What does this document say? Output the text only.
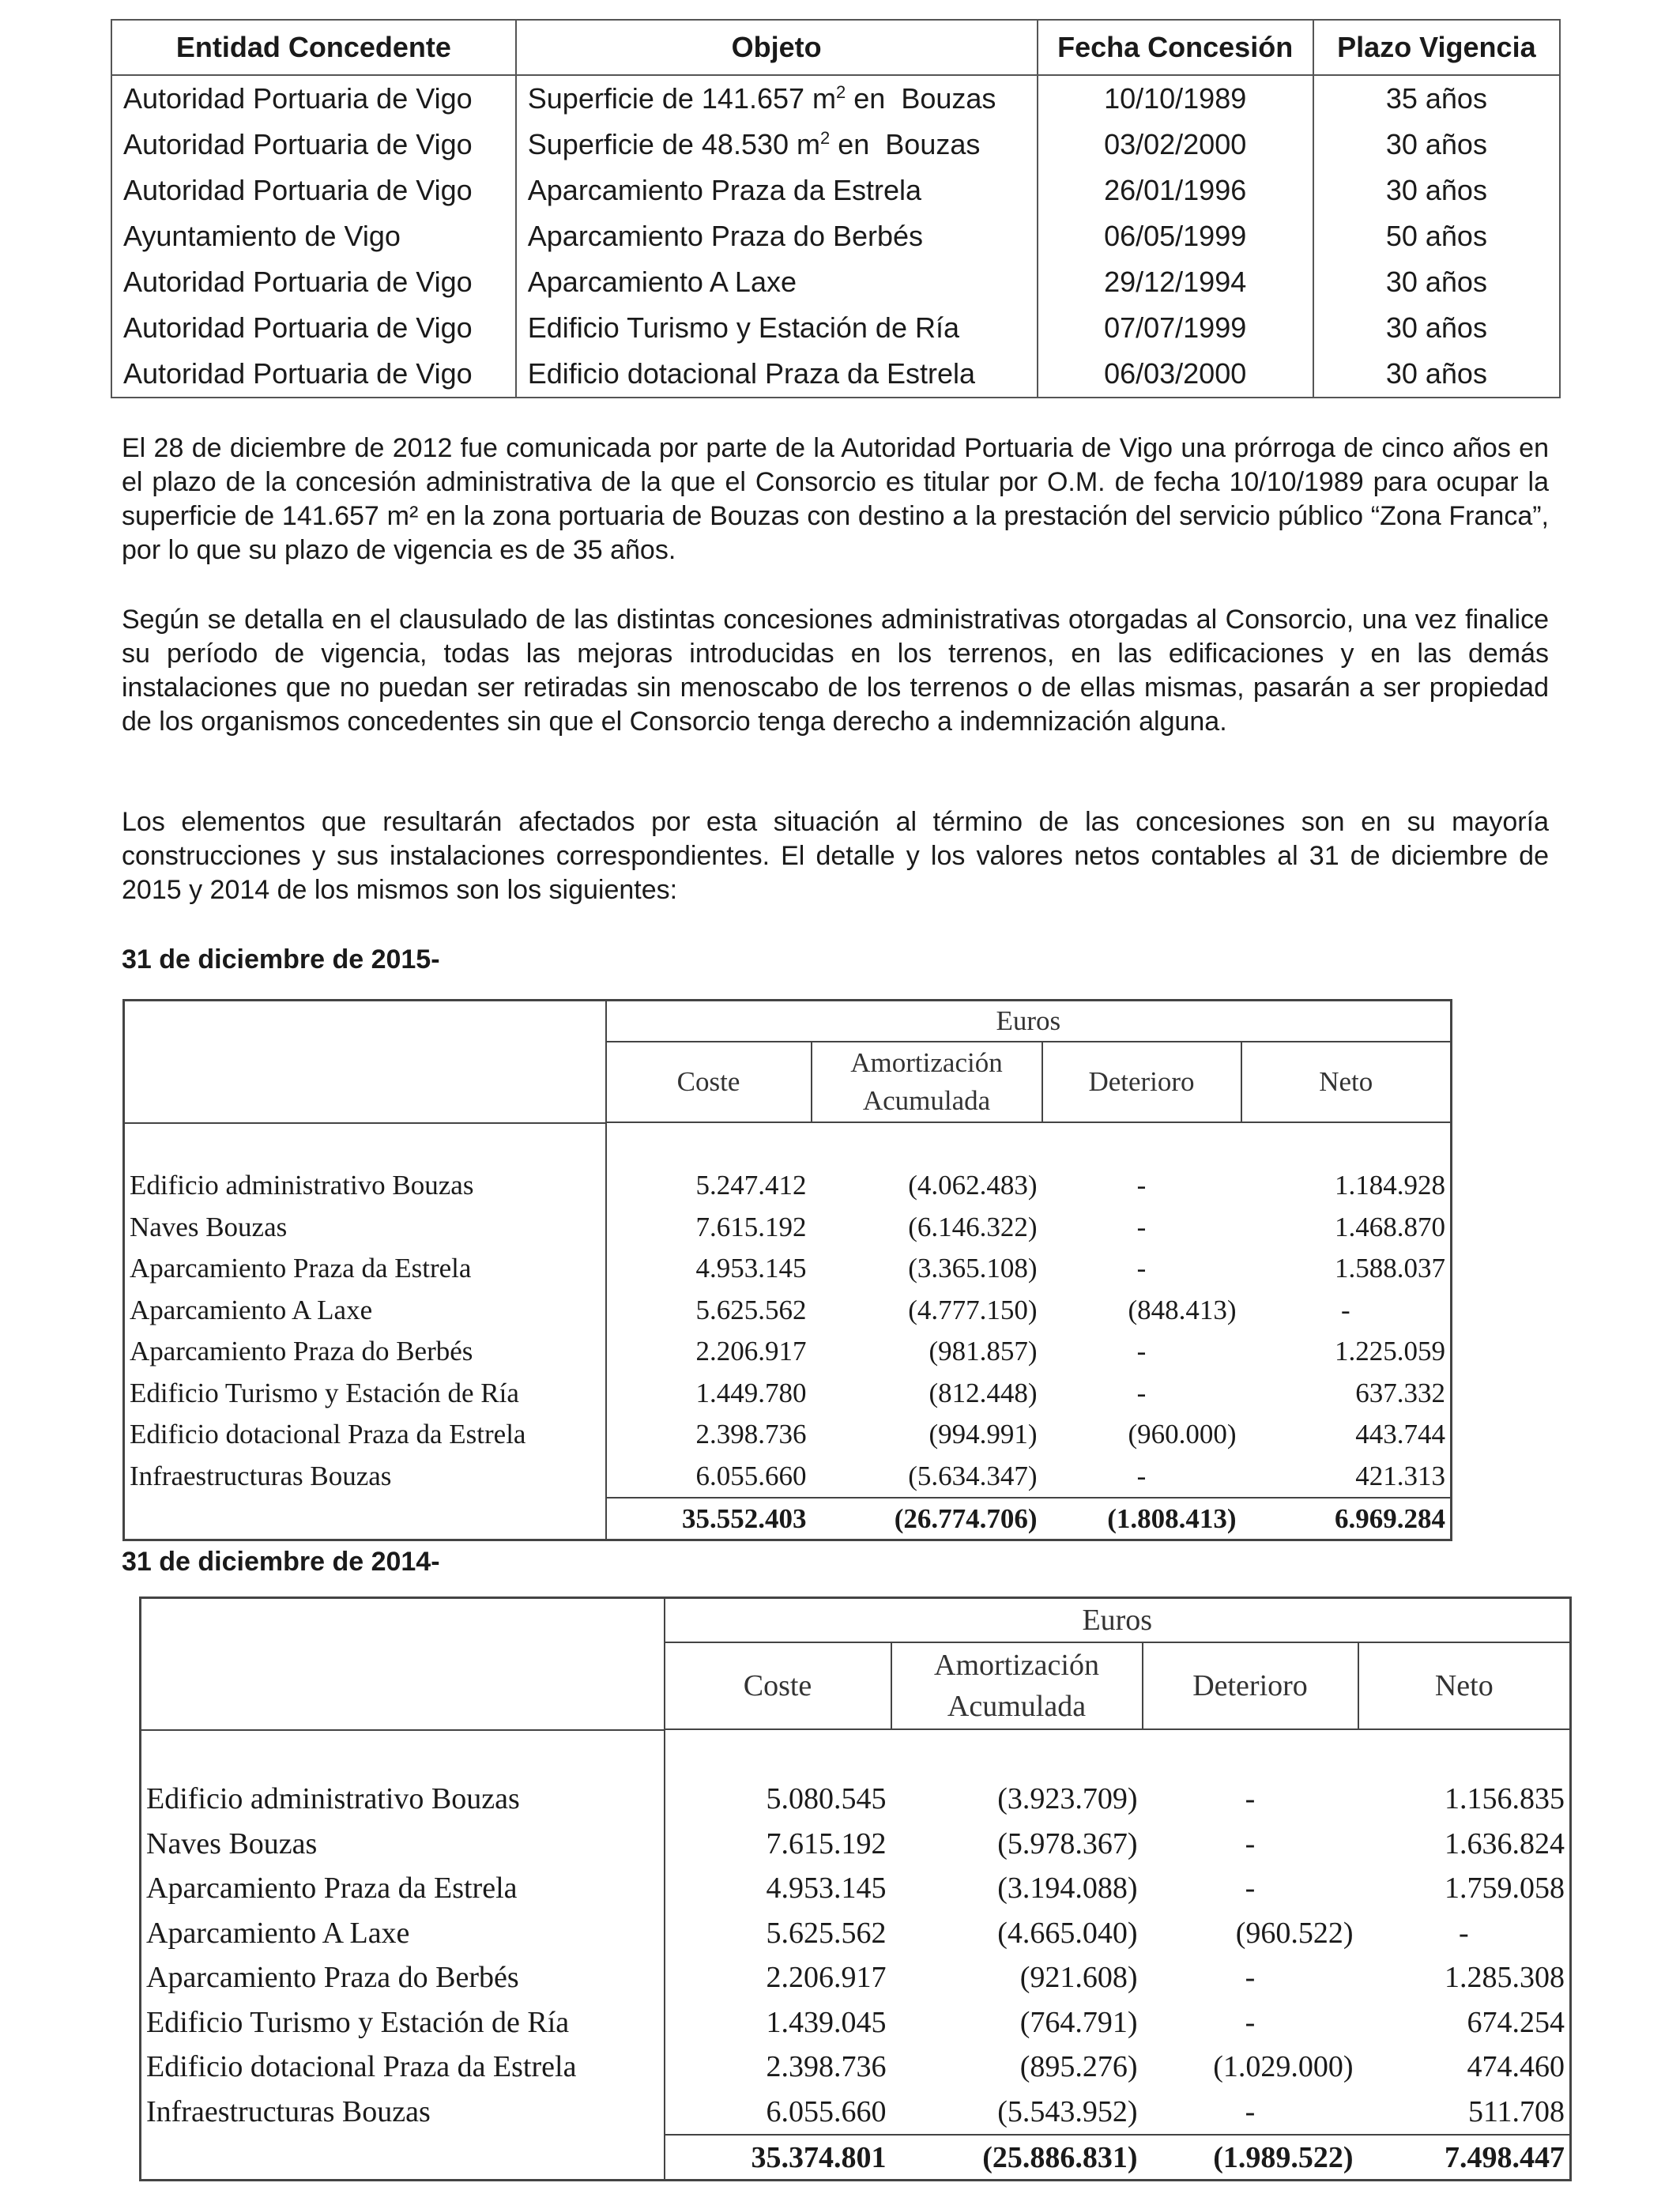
Entidad Concedente	Objeto	Fecha Concesión	Plazo Vigencia
Autoridad Portuaria de Vigo	Superficie de 141.657 $m^2$ en  Bouzas	10/10/1989	35 años
Autoridad Portuaria de Vigo	Superficie de 48.530 $m^2$ en  Bouzas	03/02/2000	30 años
Autoridad Portuaria de Vigo	Aparcamiento Praza da Estrela	26/01/1996	30 años
Ayuntamiento de Vigo	Aparcamiento Praza do Berbés	06/05/1999	50 años
Autoridad Portuaria de Vigo	Aparcamiento A Laxe	29/12/1994	30 años
Autoridad Portuaria de Vigo	Edificio Turismo y Estación de Ría	07/07/1999	30 años
Autoridad Portuaria de Vigo	Edificio dotacional Praza da Estrela	06/03/2000	30 años

El 28 de diciembre de 2012 fue comunicada por parte de la Autoridad Portuaria de Vigo una prórroga de cinco años en el plazo de la concesión administrativa de la que el Consorcio es titular por O.M. de fecha 10/10/1989 para ocupar la superficie de 141.657 m² en la zona portuaria de Bouzas con destino a la prestación del servicio público “Zona Franca”, por lo que su plazo de vigencia es de 35 años.

Según se detalla en el clausulado de las distintas concesiones administrativas otorgadas al Consorcio, una vez finalice su período de vigencia, todas las mejoras introducidas en los terrenos, en las edificaciones y en las demás instalaciones que no puedan ser retiradas sin menoscabo de los terrenos o de ellas mismas, pasarán a ser propiedad de los organismos concedentes sin que el Consorcio tenga derecho a indemnización alguna.

Los elementos que resultarán afectados por esta situación al término de las concesiones son en su mayoría construcciones y sus instalaciones correspondientes. El detalle y los valores netos contables al 31 de diciembre de 2015 y 2014 de los mismos son los siguientes:

31 de diciembre de 2015-
	Euros			
	Coste	Amortización
Acumulada	Deterioro	Neto

Edificio administrativo Bouzas	5.247.412	(4.062.483)	-	1.184.928
Naves Bouzas	7.615.192	(6.146.322)	-	1.468.870
Aparcamiento Praza da Estrela	4.953.145	(3.365.108)	-	1.588.037
Aparcamiento A Laxe	5.625.562	(4.777.150)	(848.413)	-
Aparcamiento Praza do Berbés	2.206.917	(981.857)	-	1.225.059
Edificio Turismo y Estación de Ría	1.449.780	(812.448)	-	637.332
Edificio dotacional Praza da Estrela	2.398.736	(994.991)	(960.000)	443.744
Infraestructuras Bouzas	6.055.660	(5.634.347)	-	421.313
	35.552.403	(26.774.706)	(1.808.413)	6.969.284
31 de diciembre de 2014-
	Euros			
	Coste	Amortización
Acumulada	Deterioro	Neto

Edificio administrativo Bouzas	5.080.545	(3.923.709)	-	1.156.835
Naves Bouzas	7.615.192	(5.978.367)	-	1.636.824
Aparcamiento Praza da Estrela	4.953.145	(3.194.088)	-	1.759.058
Aparcamiento A Laxe	5.625.562	(4.665.040)	(960.522)	-
Aparcamiento Praza do Berbés	2.206.917	(921.608)	-	1.285.308
Edificio Turismo y Estación de Ría	1.439.045	(764.791)	-	674.254
Edificio dotacional Praza da Estrela	2.398.736	(895.276)	(1.029.000)	474.460
Infraestructuras Bouzas	6.055.660	(5.543.952)	-	511.708
	35.374.801	(25.886.831)	(1.989.522)	7.498.447
